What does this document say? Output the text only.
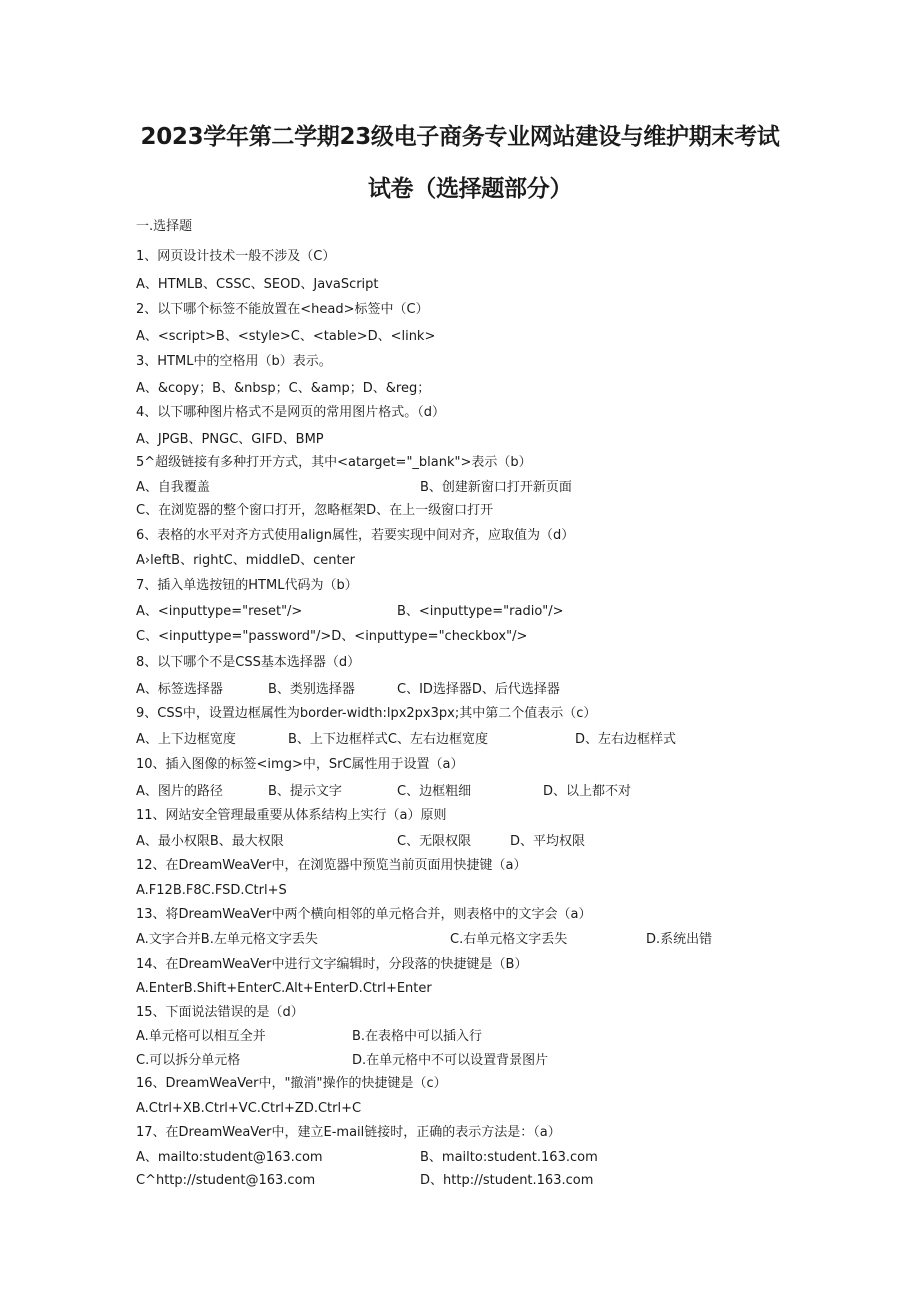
2023学年第二学期23级电子商务专业网站建设与维护期末考试
试卷（选择题部分）
一.选择题
1、网页设计技术一般不涉及（C）
A、HTMLB、CSSC、SEOD、JavaScript
2、以下哪个标签不能放置在<head>标签中（C）
A、<script>B、<style>C、<table>D、<link>
3、HTML中的空格用（b）表示。
A、&copy；B、&nbsp；C、&amp；D、&reg；
4、以下哪种图片格式不是网页的常用图片格式。（d）
A、JPGB、PNGC、GIFD、BMP
5^超级链接有多种打开方式，其中<atarget="_blank">表示（b）
A、自我覆盖	B、创建新窗口打开新页面
C、在浏览器的整个窗口打开，忽略框架D、在上一级窗口打开
6、表格的水平对齐方式使用align属性，若要实现中间对齐，应取值为（d）
A›leftB、rightC、middleD、center
7、插入单选按钮的HTML代码为（b）
A、<inputtype="reset"/>	B、<inputtype="radio"/>
C、<inputtype="password"/>D、<inputtype="checkbox"/>
8、以下哪个不是CSS基本选择器（d）
A、标签选择器	B、类别选择器	C、ID选择器D、后代选择器
9、CSS中，设置边框属性为border-width:lpx2px3px;其中第二个值表示（c）
A、上下边框宽度	B、上下边框样式C、左右边框宽度	D、左右边框样式
10、插入图像的标签<img>中，SrC属性用于设置（a）
A、图片的路径	B、提示文字	C、边框粗细	D、以上都不对
11、网站安全管理最重要从体系结构上实行（a）原则
A、最小权限B、最大权限	C、无限权限	D、平均权限
12、在DreamWeaVer中，在浏览器中预览当前页面用快捷键（a）
A.F12B.F8C.FSD.Ctrl+S
13、将DreamWeaVer中两个横向相邻的单元格合并，则表格中的文字会（a）
A.文字合并B.左单元格文字丢失	C.右单元格文字丢失	D.系统出错
14、在DreamWeaVer中进行文字编辑时，分段落的快捷键是（B）
A.EnterB.Shift+EnterC.Alt+EnterD.Ctrl+Enter
15、下面说法错误的是（d）
A.单元格可以相互全并	B.在表格中可以插入行
C.可以拆分单元格	D.在单元格中不可以设置背景图片
16、DreamWeaVer中，"撤消"操作的快捷键是（c）
A.Ctrl+XB.Ctrl+VC.Ctrl+ZD.Ctrl+C
17、在DreamWeaVer中，建立E-mail链接时，正确的表示方法是：（a）
A、mailto:student@163.com	B、mailto:student.163.com
C^http://student@163.com	D、http://student.163.com
